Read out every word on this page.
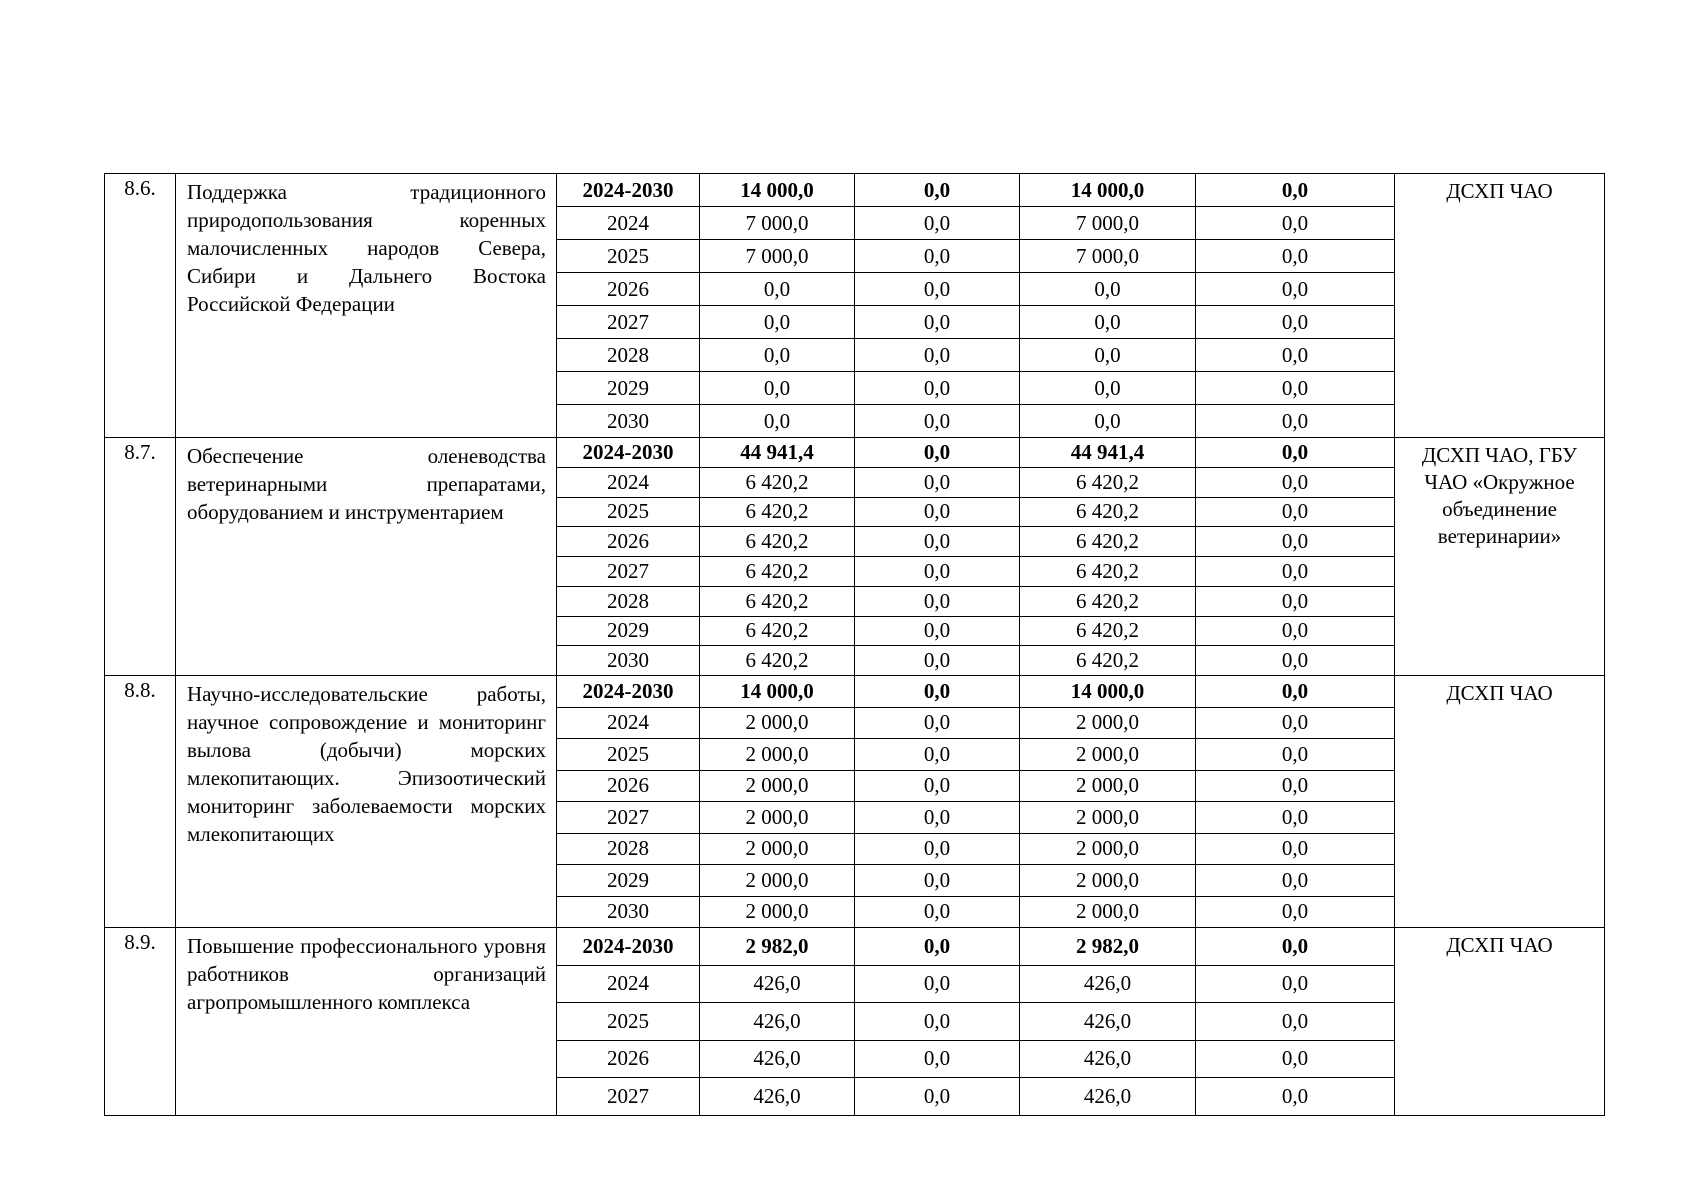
8.6.	Поддержка традиционного природопользования коренных малочисленных народов Севера, Сибири и Дальнего Востока Российской Федерации	2024-2030	14 000,0	0,0	14 000,0	0,0	ДСХП ЧАО
		2024	7 000,0	0,0	7 000,0	0,0	
		2025	7 000,0	0,0	7 000,0	0,0	
		2026	0,0	0,0	0,0	0,0	
		2027	0,0	0,0	0,0	0,0	
		2028	0,0	0,0	0,0	0,0	
		2029	0,0	0,0	0,0	0,0	
		2030	0,0	0,0	0,0	0,0	
8.7.	Обеспечение оленеводства ветеринарными препаратами, оборудованием и инструментарием	2024-2030	44 941,4	0,0	44 941,4	0,0	ДСХП ЧАО, ГБУ ЧАО «Окружное объединение ветеринарии»
		2024	6 420,2	0,0	6 420,2	0,0	
		2025	6 420,2	0,0	6 420,2	0,0	
		2026	6 420,2	0,0	6 420,2	0,0	
		2027	6 420,2	0,0	6 420,2	0,0	
		2028	6 420,2	0,0	6 420,2	0,0	
		2029	6 420,2	0,0	6 420,2	0,0	
		2030	6 420,2	0,0	6 420,2	0,0	
8.8.	Научно-исследовательские работы, научное сопровождение и мониторинг вылова (добычи) морских млекопитающих. Эпизоотический мониторинг заболеваемости морских млекопитающих	2024-2030	14 000,0	0,0	14 000,0	0,0	ДСХП ЧАО
		2024	2 000,0	0,0	2 000,0	0,0	
		2025	2 000,0	0,0	2 000,0	0,0	
		2026	2 000,0	0,0	2 000,0	0,0	
		2027	2 000,0	0,0	2 000,0	0,0	
		2028	2 000,0	0,0	2 000,0	0,0	
		2029	2 000,0	0,0	2 000,0	0,0	
		2030	2 000,0	0,0	2 000,0	0,0	
8.9.	Повышение профессионального уровня работников организаций агропромышленного комплекса	2024-2030	2 982,0	0,0	2 982,0	0,0	ДСХП ЧАО
		2024	426,0	0,0	426,0	0,0	
		2025	426,0	0,0	426,0	0,0	
		2026	426,0	0,0	426,0	0,0	
		2027	426,0	0,0	426,0	0,0	
